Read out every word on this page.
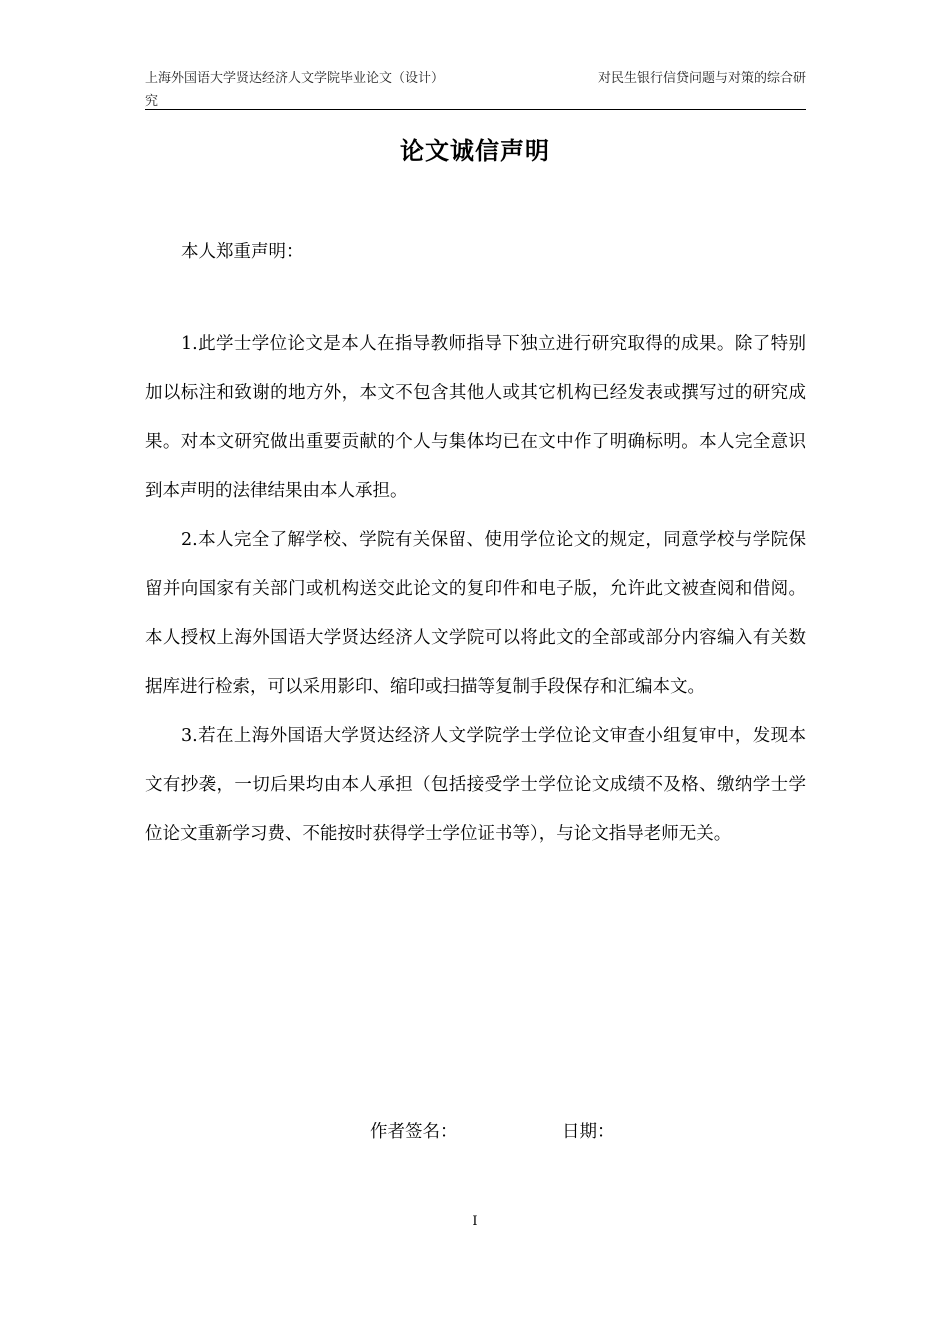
上海外国语大学贤达经济人文学院毕业论文（设计）	对民生银行信贷问题与对策的综合研
究
论文诚信声明
本人郑重声明：

1.此学士学位论文是本人在指导教师指导下独立进行研究取得的成果。除了特别加以标注和致谢的地方外，本文不包含其他人或其它机构已经发表或撰写过的研究成果。对本文研究做出重要贡献的个人与集体均已在文中作了明确标明。本人完全意识到本声明的法律结果由本人承担。

2.本人完全了解学校、学院有关保留、使用学位论文的规定，同意学校与学院保留并向国家有关部门或机构送交此论文的复印件和电子版，允许此文被查阅和借阅。本人授权上海外国语大学贤达经济人文学院可以将此文的全部或部分内容编入有关数据库进行检索，可以采用影印、缩印或扫描等复制手段保存和汇编本文。

3.若在上海外国语大学贤达经济人文学院学士学位论文审查小组复审中，发现本文有抄袭，一切后果均由本人承担（包括接受学士学位论文成绩不及格、缴纳学士学位论文重新学习费、不能按时获得学士学位证书等），与论文指导老师无关。

作者签名：	日期：
I
